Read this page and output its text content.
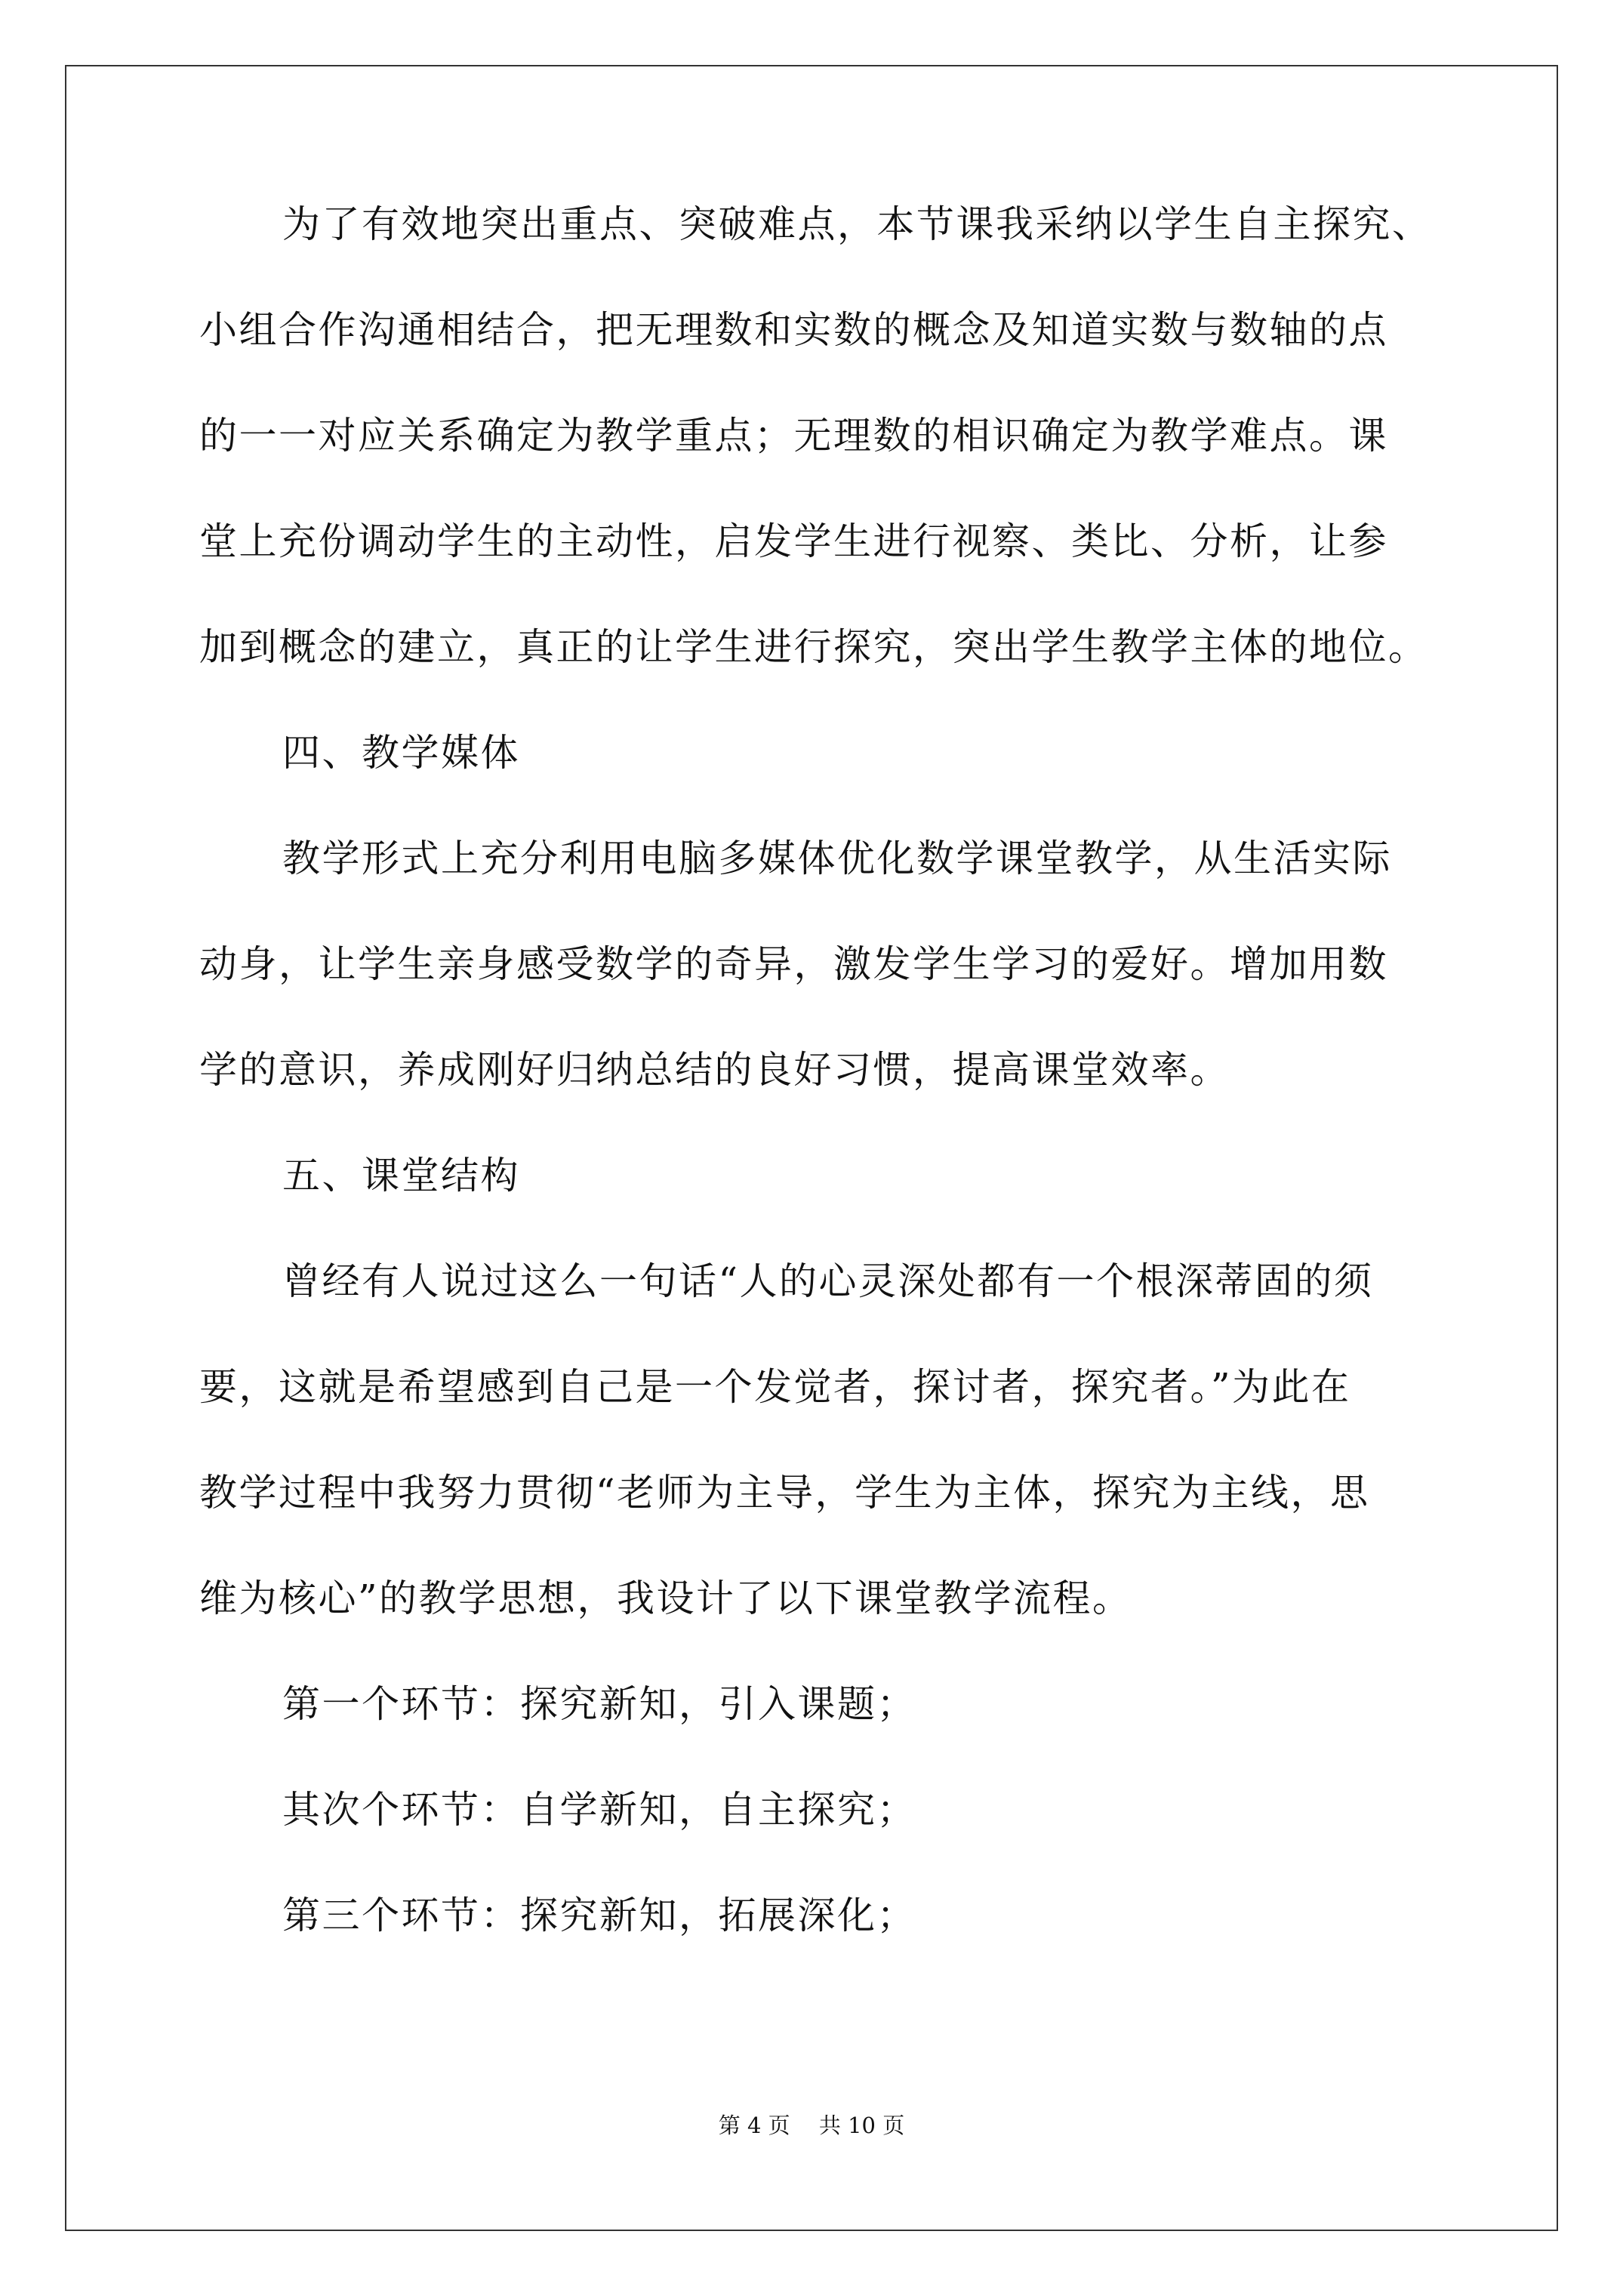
为了有效地突出重点、突破难点，本节课我采纳以学生自主探究、
小组合作沟通相结合，把无理数和实数的概念及知道实数与数轴的点
的一一对应关系确定为教学重点；无理数的相识确定为教学难点。课
堂上充份调动学生的主动性，启发学生进行视察、类比、分析，让参
加到概念的建立，真正的让学生进行探究，突出学生教学主体的地位。
四、教学媒体
教学形式上充分利用电脑多媒体优化数学课堂教学，从生活实际
动身，让学生亲身感受数学的奇异，激发学生学习的爱好。增加用数
学的意识，养成刚好归纳总结的良好习惯，提高课堂效率。
五、课堂结构
曾经有人说过这么一句话“人的心灵深处都有一个根深蒂固的须
要，这就是希望感到自己是一个发觉者，探讨者，探究者。”为此在
教学过程中我努力贯彻“老师为主导，学生为主体，探究为主线，思
维为核心”的教学思想，我设计了以下课堂教学流程。
第一个环节：探究新知，引入课题；
其次个环节：自学新知，自主探究；
第三个环节：探究新知，拓展深化；
第 4 页　 共 10 页
